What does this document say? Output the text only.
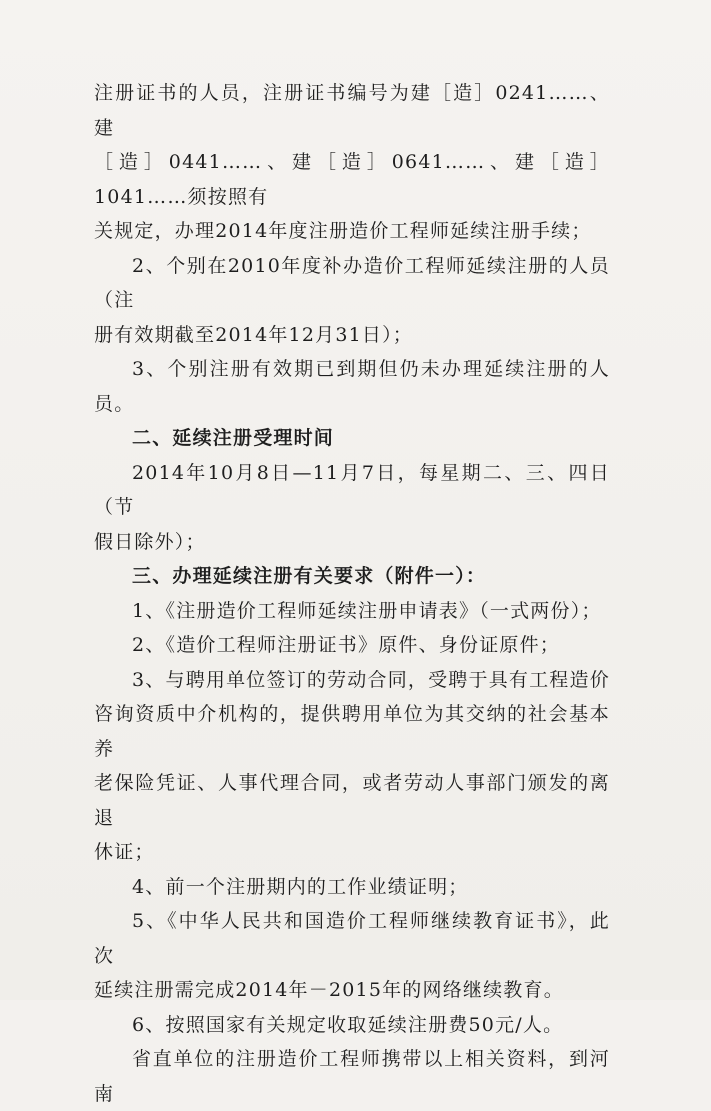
注册证书的人员，注册证书编号为建［造］0241……、建

［造］0441……、建［造］0641……、建［造］1041……须按照有

关规定，办理2014年度注册造价工程师延续注册手续；

2、个别在2010年度补办造价工程师延续注册的人员（注

册有效期截至2014年12月31日）；

3、个别注册有效期已到期但仍未办理延续注册的人员。

二、延续注册受理时间

2014年10月8日—11月7日，每星期二、三、四日（节

假日除外）；

三、办理延续注册有关要求（附件一）：

1、《注册造价工程师延续注册申请表》（一式两份）；

2、《造价工程师注册证书》原件、身份证原件；

3、与聘用单位签订的劳动合同，受聘于具有工程造价

咨询资质中介机构的，提供聘用单位为其交纳的社会基本养

老保险凭证、人事代理合同，或者劳动人事部门颁发的离退

休证；

4、前一个注册期内的工作业绩证明；

5、《中华人民共和国造价工程师继续教育证书》，此次

延续注册需完成2014年－2015年的网络继续教育。

6、按照国家有关规定收取延续注册费50元/人。

省直单位的注册造价工程师携带以上相关资料，到河南
